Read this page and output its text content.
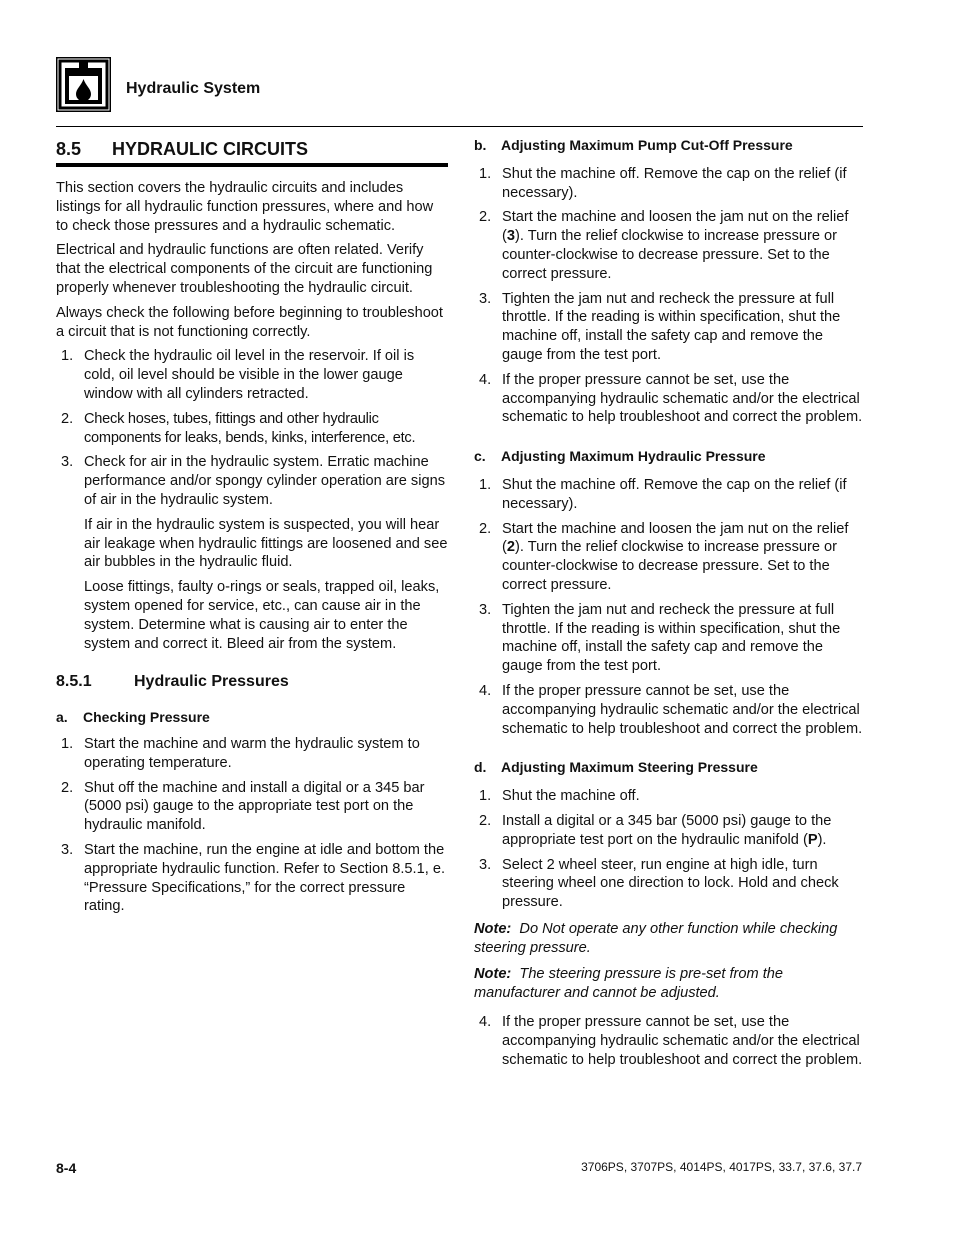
Hydraulic System
8.5	HYDRAULIC CIRCUITS

This section covers the hydraulic circuits and includes listings for all hydraulic function pressures, where and how to check those pressures and a hydraulic schematic.

Electrical and hydraulic functions are often related. Verify that the electrical components of the circuit are functioning properly whenever troubleshooting the hydraulic circuit.

Always check the following before beginning to troubleshoot a circuit that is not functioning correctly.

1. Check the hydraulic oil level in the reservoir. If oil is cold, oil level should be visible in the lower gauge window with all cylinders retracted.

2. Check hoses, tubes, fittings and other hydraulic components for leaks, bends, kinks, interference, etc.

3. Check for air in the hydraulic system. Erratic machine performance and/or spongy cylinder operation are signs of air in the hydraulic system.

If air in the hydraulic system is suspected, you will hear air leakage when hydraulic fittings are loosened and see air bubbles in the hydraulic fluid.

Loose fittings, faulty o-rings or seals, trapped oil, leaks, system opened for service, etc., can cause air in the system. Determine what is causing air to enter the system and correct it. Bleed air from the system.

8.5.1	Hydraulic Pressures
a.	Checking Pressure
1. Start the machine and warm the hydraulic system to operating temperature.
2. Shut off the machine and install a digital or a 345 bar (5000 psi) gauge to the appropriate test port on the hydraulic manifold.
3. Start the machine, run the engine at idle and bottom the appropriate hydraulic function. Refer to Section 8.5.1, e. “Pressure Specifications,” for the correct pressure rating.
b.	Adjusting Maximum Pump Cut-Off Pressure
1. Shut the machine off. Remove the cap on the relief (if necessary).
2. Start the machine and loosen the jam nut on the relief (3). Turn the relief clockwise to increase pressure or counter-clockwise to decrease pressure. Set to the correct pressure.
3. Tighten the jam nut and recheck the pressure at full throttle. If the reading is within specification, shut the machine off, install the safety cap and remove the gauge from the test port.
4. If the proper pressure cannot be set, use the accompanying hydraulic schematic and/or the electrical schematic to help troubleshoot and correct the problem.
c.	Adjusting Maximum Hydraulic Pressure
1. Shut the machine off. Remove the cap on the relief (if necessary).
2. Start the machine and loosen the jam nut on the relief (2). Turn the relief clockwise to increase pressure or counter-clockwise to decrease pressure. Set to the correct pressure.
3. Tighten the jam nut and recheck the pressure at full throttle. If the reading is within specification, shut the machine off, install the safety cap and remove the gauge from the test port.
4. If the proper pressure cannot be set, use the accompanying hydraulic schematic and/or the electrical schematic to help troubleshoot and correct the problem.
d.	Adjusting Maximum Steering Pressure
1. Shut the machine off.
2. Install a digital or a 345 bar (5000 psi) gauge to the appropriate test port on the hydraulic manifold (P).
3. Select 2 wheel steer, run engine at high idle, turn steering wheel one direction to lock. Hold and check pressure.

Note: Do Not operate any other function while checking steering pressure.

Note: The steering pressure is pre-set from the manufacturer and cannot be adjusted.

4. If the proper pressure cannot be set, use the accompanying hydraulic schematic and/or the electrical schematic to help troubleshoot and correct the problem.
8-4	3706PS, 3707PS, 4014PS, 4017PS, 33.7, 37.6, 37.7
